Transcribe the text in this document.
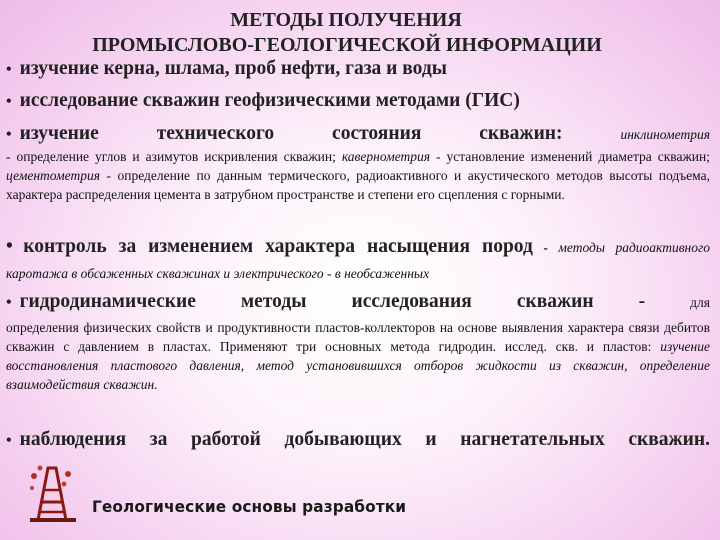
МЕТОДЫ ПОЛУЧЕНИЯ
ПРОМЫСЛОВО-ГЕОЛОГИЧЕСКОЙ ИНФОРМАЦИИ
• изучение керна, шлама, проб нефти, газа и воды
• исследование скважин геофизическими методами (ГИС)
• изучение технического состояния скважин:	инклинометрия
- определение углов и азимутов искривления скважин; кавернометрия - установление изменений диаметра скважин; цементометрия - определение по данным термического, радиоактивного и акустического методов высоты подъема, характера распределения цемента в затрубном пространстве и степени его сцепления с горными.
• контроль за изменением характера насыщения пород - методы радиоактивного каротажа в обсаженных скважинах и электрического - в необсаженных
• гидродинамические методы исследования скважин - для
определения физических свойств и продуктивности пластов-коллекторов на основе выявления характера связи дебитов скважин с давлением в пластах. Применяют три основных метода гидродин. исслед. скв. и пластов: изучение восстановления пластового давления, метод установившихся отборов жидкости из скважин, определение взаимодействия скважин.
• наблюдения за работой добывающих и нагнетательных скважин.
Геологические основы разработки
